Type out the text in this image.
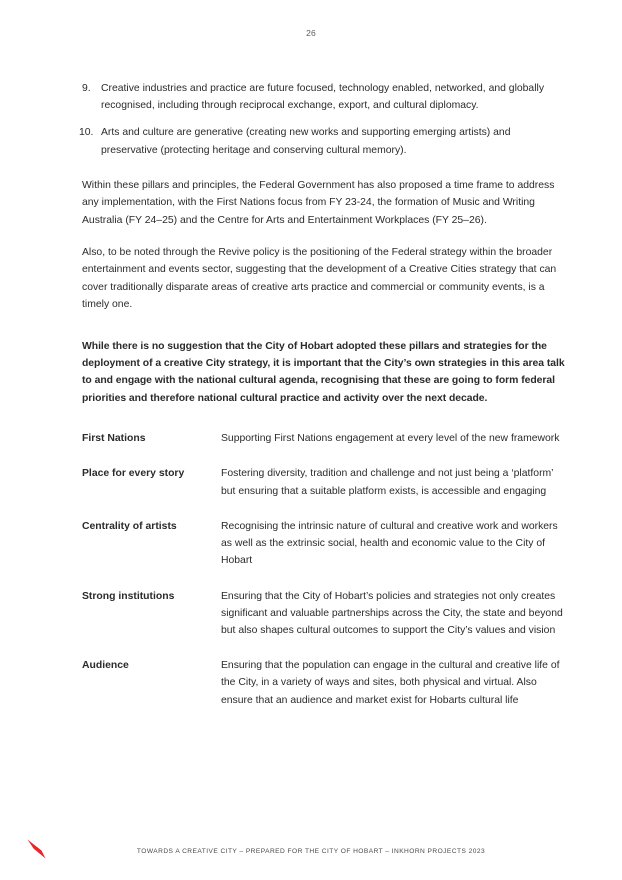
26
9. Creative industries and practice are future focused, technology enabled, networked, and globally recognised, including through reciprocal exchange, export, and cultural diplomacy.
10. Arts and culture are generative (creating new works and supporting emerging artists) and preservative (protecting heritage and conserving cultural memory).

Within these pillars and principles, the Federal Government has also proposed a time frame to address any implementation, with the First Nations focus from FY 23-24, the formation of Music and Writing Australia (FY 24–25) and the Centre for Arts and Entertainment Workplaces (FY 25–26).

Also, to be noted through the Revive policy is the positioning of the Federal strategy within the broader entertainment and events sector, suggesting that the development of a Creative Cities strategy that can cover traditionally disparate areas of creative arts practice and commercial or community events, is a timely one.

While there is no suggestion that the City of Hobart adopted these pillars and strategies for the deployment of a creative City strategy, it is important that the City’s own strategies in this area talk to and engage with the national cultural agenda, recognising that these are going to form federal priorities and therefore national cultural practice and activity over the next decade.

First Nations	Supporting First Nations engagement at every level of the new framework
Place for every story	Fostering diversity, tradition and challenge and not just being a ‘platform’ but ensuring that a suitable platform exists, is accessible and engaging
Centrality of artists	Recognising the intrinsic nature of cultural and creative work and workers as well as the extrinsic social, health and economic value to the City of Hobart
Strong institutions	Ensuring that the City of Hobart’s policies and strategies not only creates significant and valuable partnerships across the City, the state and beyond but also shapes cultural outcomes to support the City’s values and vision
Audience	Ensuring that the population can engage in the cultural and creative life of the City, in a variety of ways and sites, both physical and virtual. Also ensure that an audience and market exist for Hobarts cultural life
TOWARDS A CREATIVE CITY – PREPARED FOR THE CITY OF HOBART – INKHORN PROJECTS 2023
